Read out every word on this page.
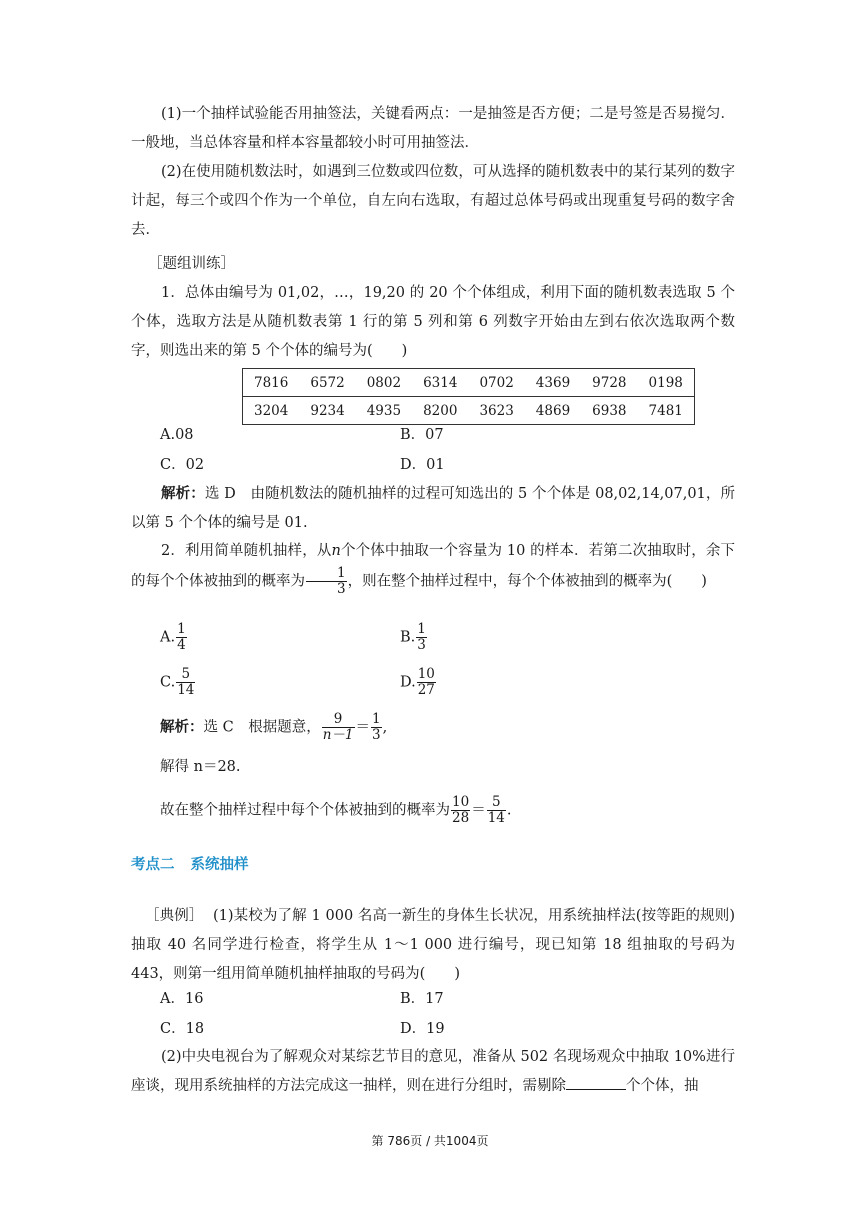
(1)一个抽样试验能否用抽签法，关键看两点：一是抽签是否方便；二是号签是否易搅匀．一般地，当总体容量和样本容量都较小时可用抽签法．
(2)在使用随机数法时，如遇到三位数或四位数，可从选择的随机数表中的某行某列的数字计起，每三个或四个作为一个单位，自左向右选取，有超过总体号码或出现重复号码的数字舍去．
［题组训练］
1．总体由编号为 01,02，…，19,20 的 20 个个体组成，利用下面的随机数表选取 5 个个体，选取方法是从随机数表第 1 行的第 5 列和第 6 列数字开始由左到右依次选取两个数字，则选出来的第 5 个个体的编号为(　　)
7816	6572	0802	6314	0702	4369	9728	0198
3204	9234	4935	8200	3623	4869	6938	7481
A.08	B．07
C．02	D．01
解析：选 D　由随机数法的随机抽样的过程可知选出的 5 个个体是 08,02,14,07,01，所以第 5 个个体的编号是 01.
2．利用简单随机抽样，从n个个体中抽取一个容量为 10 的样本．若第二次抽取时，余下的每个个体被抽到的概率为 $\frac{1}{3}$ ，则在整个抽样过程中，每个个体被抽到的概率为(　　)
A. $\frac{1}{4}$	B. $\frac{1}{3}$
C. $\frac{5}{14}$	D. $\frac{10}{27}$
解析：选 C　根据题意， $\frac{9}{n-1} = \frac{1}{3}$ ,
解得 n＝28.
故在整个抽样过程中每个个体被抽到的概率为 $\frac{10}{28} = \frac{5}{14}$ .
考点二 系统抽样
［典例］ (1)某校为了解 1 000 名高一新生的身体生长状况，用系统抽样法(按等距的规则)抽取 40 名同学进行检查，将学生从 1～1 000 进行编号，现已知第 18 组抽取的号码为 443，则第一组用简单随机抽样抽取的号码为(　　)
A．16	B．17
C．18	D．19
(2)中央电视台为了解观众对某综艺节目的意见，准备从 502 名现场观众中抽取 10%进行座谈，现用系统抽样的方法完成这一抽样，则在进行分组时，需剔除	个个体，抽
第 786页 / 共1004页
